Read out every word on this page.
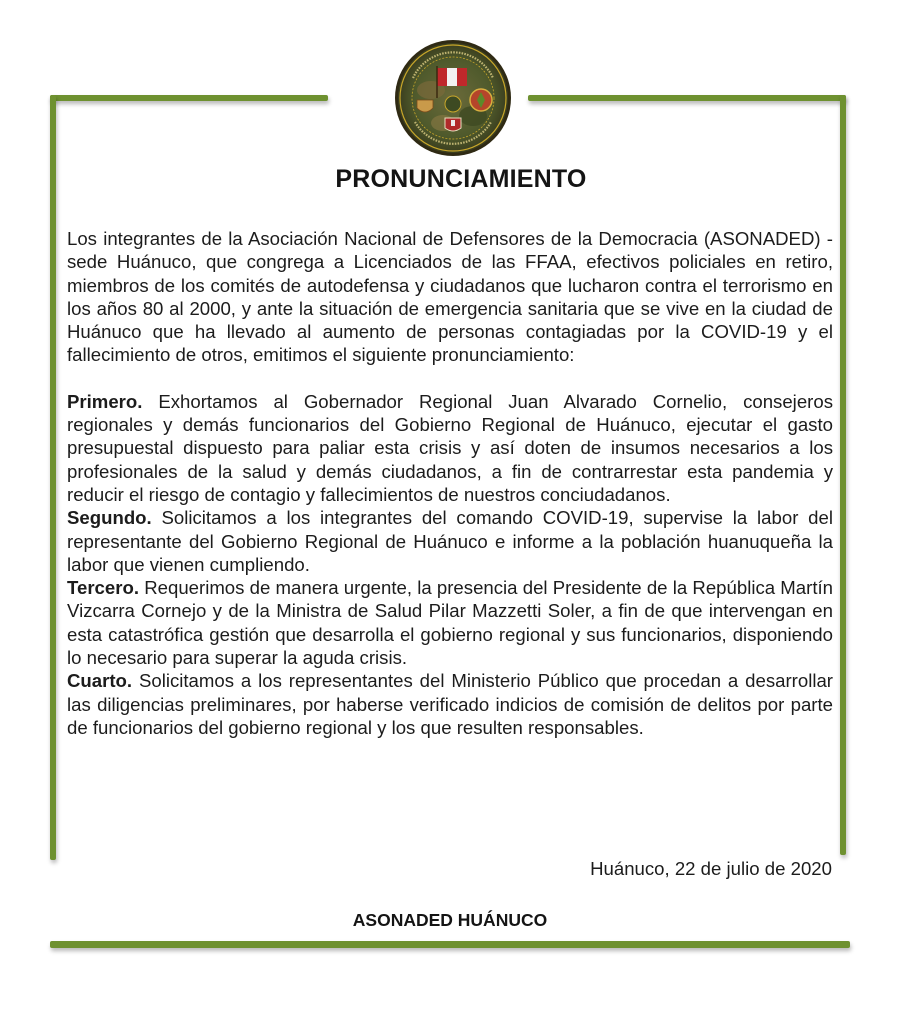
PRONUNCIAMIENTO

Los integrantes de la Asociación Nacional de Defensores de la Democracia (ASONADED) - sede Huánuco, que congrega a Licenciados de las FFAA, efectivos policiales en retiro, miembros de los comités de autodefensa y ciudadanos que lucharon contra el terrorismo en los años 80 al 2000, y ante la situación de emergencia sanitaria que se vive en la ciudad de Huánuco que ha llevado al aumento de personas contagiadas por la COVID-19 y el fallecimiento de otros, emitimos el siguiente pronunciamiento:

Primero. Exhortamos al Gobernador Regional Juan Alvarado Cornelio, consejeros regionales y demás funcionarios del Gobierno Regional de Huánuco, ejecutar el gasto presupuestal dispuesto para paliar esta crisis y así doten de insumos necesarios a los profesionales de la salud y demás ciudadanos, a fin de contrarrestar esta pandemia y reducir el riesgo de contagio y fallecimientos de nuestros conciudadanos.

Segundo. Solicitamos a los integrantes del comando COVID-19, supervise la labor del representante del Gobierno Regional de Huánuco e informe a la población huanuqueña la labor que vienen cumpliendo.

Tercero. Requerimos de manera urgente, la presencia del Presidente de la República Martín Vizcarra Cornejo y de la Ministra de Salud Pilar Mazzetti Soler, a fin de que intervengan en esta catastrófica gestión que desarrolla el gobierno regional y sus funcionarios, disponiendo lo necesario para superar la aguda crisis.

Cuarto. Solicitamos a los representantes del Ministerio Público que procedan a desarrollar las diligencias preliminares, por haberse verificado indicios de comisión de delitos por parte de funcionarios del gobierno regional y los que resulten responsables.

Huánuco, 22 de julio de 2020
ASONADED HUÁNUCO
